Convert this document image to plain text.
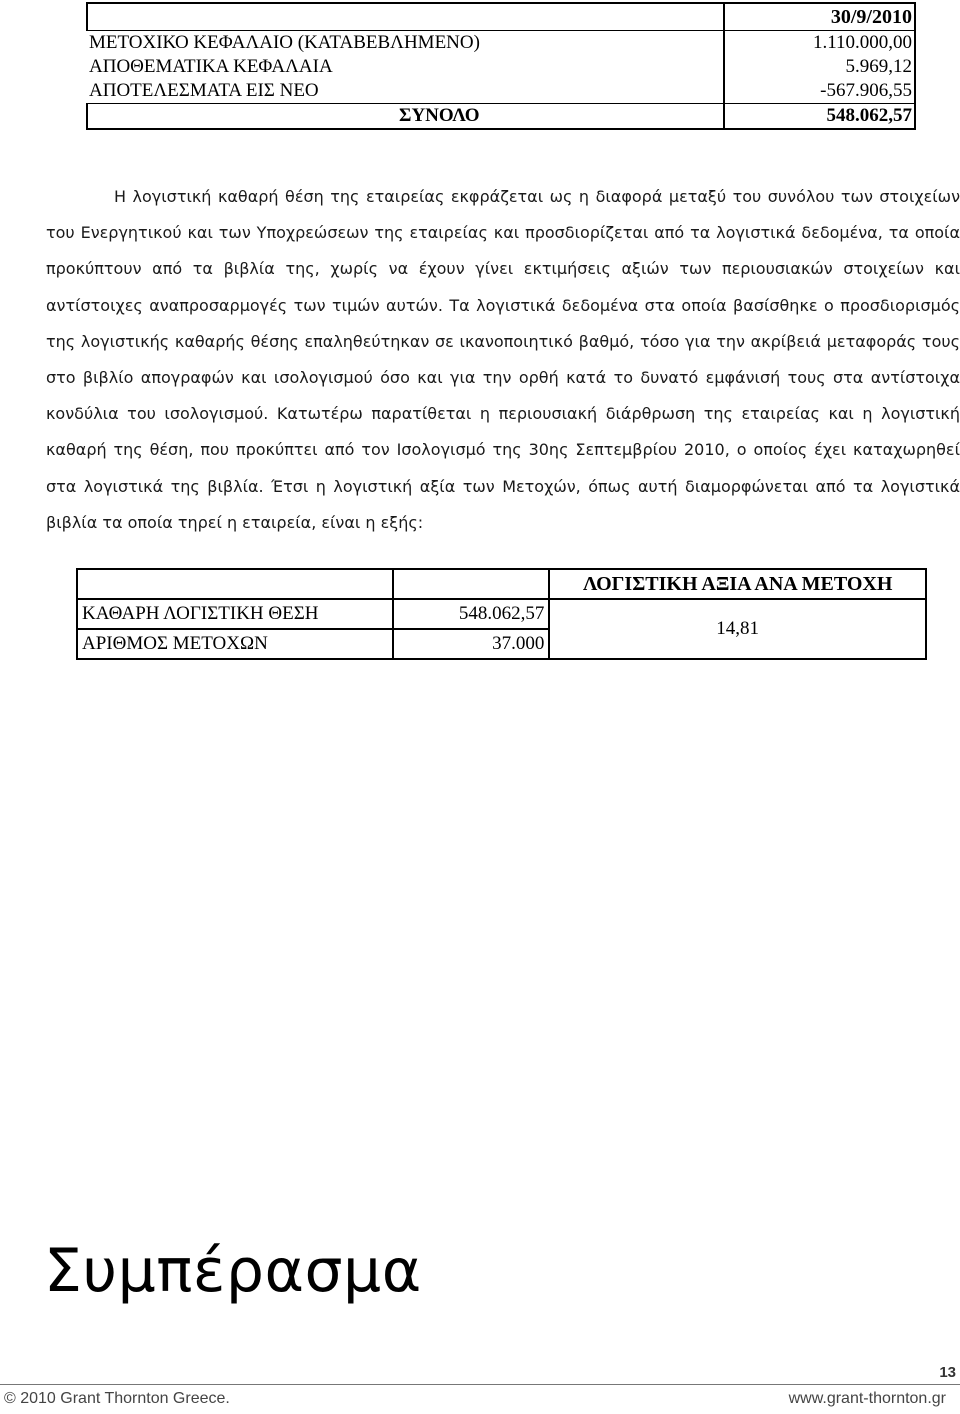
	30/9/2010
ΜΕΤΟΧΙΚΟ ΚΕΦΑΛΑΙΟ (ΚΑΤΑΒΕΒΛΗΜΕΝΟ)	1.110.000,00
ΑΠΟΘΕΜΑΤΙΚΑ ΚΕΦΑΛΑΙΑ	5.969,12
ΑΠΟΤΕΛΕΣΜΑΤΑ ΕΙΣ ΝΕΟ	-567.906,55
ΣΥΝΟΛΟ	548.062,57

Η λογιστική καθαρή θέση της εταιρείας εκφράζεται ως η διαφορά μεταξύ του συνόλου των στοιχείων του Ενεργητικού και των Υποχρεώσεων της εταιρείας και προσδιορίζεται από τα λογιστικά δεδομένα, τα οποία προκύπτουν από τα βιβλία της, χωρίς να έχουν γίνει εκτιμήσεις αξιών των περιουσιακών στοιχείων και αντίστοιχες αναπροσαρμογές των τιμών αυτών. Τα λογιστικά δεδομένα στα οποία βασίσθηκε ο προσδιορισμός της λογιστικής καθαρής θέσης επαληθεύτηκαν σε ικανοποιητικό βαθμό, τόσο για την ακρίβειά μεταφοράς τους στο βιβλίο απογραφών και ισολογισμού όσο και για την ορθή κατά το δυνατό εμφάνισή τους στα αντίστοιχα κονδύλια του ισολογισμού. Κατωτέρω παρατίθεται η περιουσιακή διάρθρωση της εταιρείας και η λογιστική καθαρή της θέση, που προκύπτει από τον Ισολογισμό της 30ης Σεπτεμβρίου 2010, ο οποίος έχει καταχωρηθεί στα λογιστικά της βιβλία. Έτσι η λογιστική αξία των Μετοχών, όπως αυτή διαμορφώνεται από τα λογιστικά βιβλία τα οποία τηρεί η εταιρεία, είναι η εξής:

		ΛΟΓΙΣΤΙΚΗ ΑΞΙΑ ΑΝΑ ΜΕΤΟΧΗ
ΚΑΘΑΡΗ ΛΟΓΙΣΤΙΚΗ ΘΕΣΗ	548.062,57	14,81
ΑΡΙΘΜΟΣ ΜΕΤΟΧΩΝ	37.000	
Συμπέρασμα
13
© 2010 Grant Thornton Greece.	www.grant-thornton.gr
